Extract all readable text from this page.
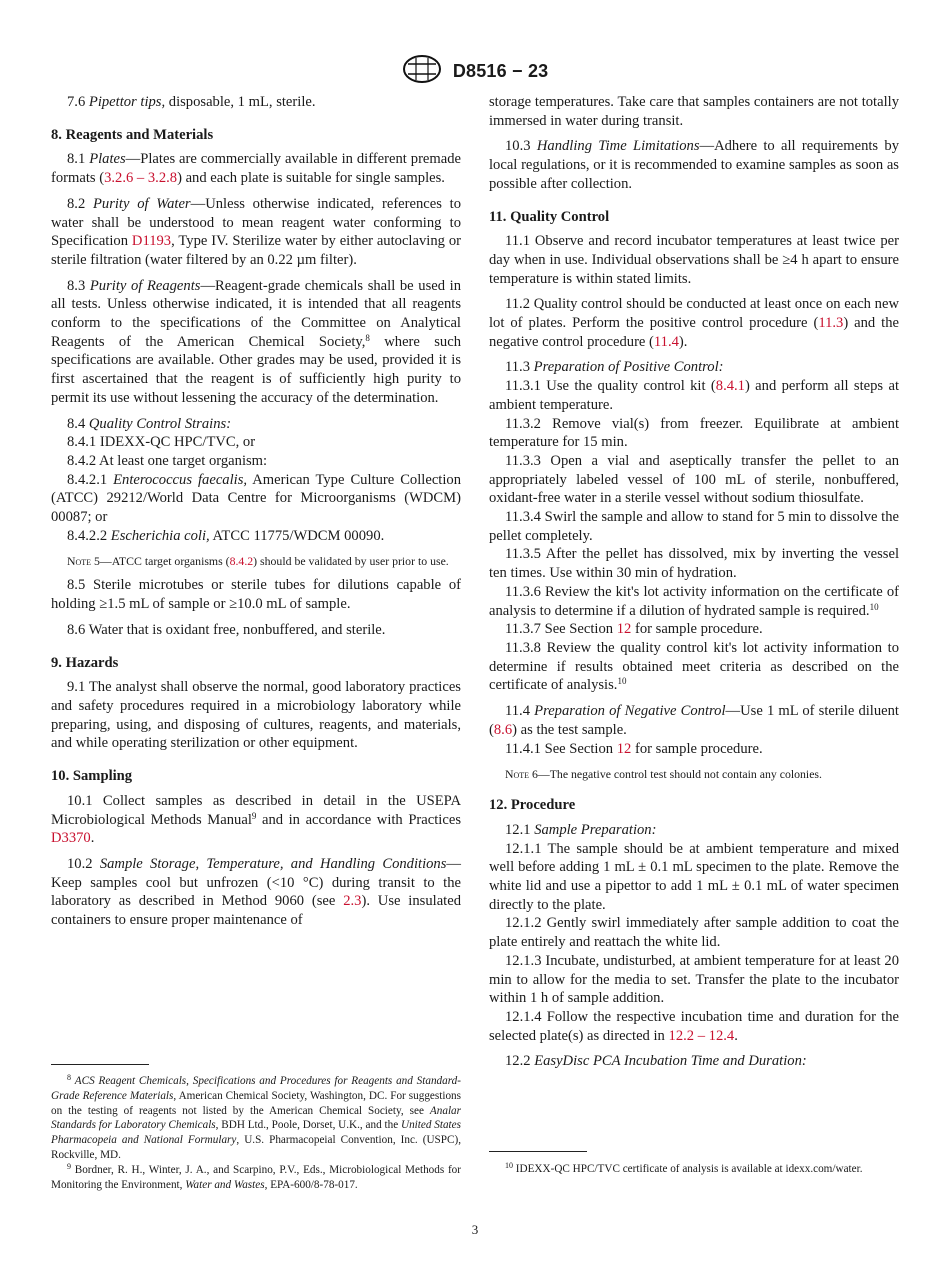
D8516 − 23

7.6 Pipettor tips, disposable, 1 mL, sterile.

8. Reagents and Materials

8.1 Plates—Plates are commercially available in different premade formats (3.2.6 – 3.2.8) and each plate is suitable for single samples.

8.2 Purity of Water—Unless otherwise indicated, references to water shall be understood to mean reagent water conforming to Specification D1193, Type IV. Sterilize water by either autoclaving or sterile filtration (water filtered by an 0.22 µm filter).

8.3 Purity of Reagents—Reagent-grade chemicals shall be used in all tests. Unless otherwise indicated, it is intended that all reagents conform to the specifications of the Committee on Analytical Reagents of the American Chemical Society,$^8$ where such specifications are available. Other grades may be used, provided it is first ascertained that the reagent is of sufficiently high purity to permit its use without lessening the accuracy of the determination.

8.4 Quality Control Strains:

8.4.1 IDEXX-QC HPC/TVC, or

8.4.2 At least one target organism:

8.4.2.1 Enterococcus faecalis, American Type Culture Collection (ATCC) 29212/World Data Centre for Microorganisms (WDCM) 00087; or

8.4.2.2 Escherichia coli, ATCC 11775/WDCM 00090.

Note 5—ATCC target organisms (8.4.2) should be validated by user prior to use.

8.5 Sterile microtubes or sterile tubes for dilutions capable of holding ≥1.5 mL of sample or ≥10.0 mL of sample.

8.6 Water that is oxidant free, nonbuffered, and sterile.

9. Hazards

9.1 The analyst shall observe the normal, good laboratory practices and safety procedures required in a microbiology laboratory while preparing, using, and disposing of cultures, reagents, and materials, and while operating sterilization or other equipment.

10. Sampling

10.1 Collect samples as described in detail in the USEPA Microbiological Methods Manual$^9$ and in accordance with Practices D3370.

10.2 Sample Storage, Temperature, and Handling Conditions—Keep samples cool but unfrozen (<10 °C) during transit to the laboratory as described in Method 9060 (see 2.3). Use insulated containers to ensure proper maintenance of

$^8$ ACS Reagent Chemicals, Specifications and Procedures for Reagents and Standard-Grade Reference Materials, American Chemical Society, Washington, DC. For suggestions on the testing of reagents not listed by the American Chemical Society, see Analar Standards for Laboratory Chemicals, BDH Ltd., Poole, Dorset, U.K., and the United States Pharmacopeia and National Formulary, U.S. Pharmacopeial Convention, Inc. (USPC), Rockville, MD.

$^9$ Bordner, R. H., Winter, J. A., and Scarpino, P.V., Eds., Microbiological Methods for Monitoring the Environment, Water and Wastes, EPA-600/8-78-017.

storage temperatures. Take care that samples containers are not totally immersed in water during transit.

10.3 Handling Time Limitations—Adhere to all requirements by local regulations, or it is recommended to examine samples as soon as possible after collection.

11. Quality Control

11.1 Observe and record incubator temperatures at least twice per day when in use. Individual observations shall be ≥4 h apart to ensure temperature is within stated limits.

11.2 Quality control should be conducted at least once on each new lot of plates. Perform the positive control procedure (11.3) and the negative control procedure (11.4).

11.3 Preparation of Positive Control:

11.3.1 Use the quality control kit (8.4.1) and perform all steps at ambient temperature.

11.3.2 Remove vial(s) from freezer. Equilibrate at ambient temperature for 15 min.

11.3.3 Open a vial and aseptically transfer the pellet to an appropriately labeled vessel of 100 mL of sterile, nonbuffered, oxidant-free water in a sterile vessel without sodium thiosulfate.

11.3.4 Swirl the sample and allow to stand for 5 min to dissolve the pellet completely.

11.3.5 After the pellet has dissolved, mix by inverting the vessel ten times. Use within 30 min of hydration.

11.3.6 Review the kit's lot activity information on the certificate of analysis to determine if a dilution of hydrated sample is required.$^{10}$

11.3.7 See Section 12 for sample procedure.

11.3.8 Review the quality control kit's lot activity information to determine if results obtained meet criteria as described on the certificate of analysis.$^{10}$

11.4 Preparation of Negative Control—Use 1 mL of sterile diluent (8.6) as the test sample.

11.4.1 See Section 12 for sample procedure.

Note 6—The negative control test should not contain any colonies.

12. Procedure

12.1 Sample Preparation:

12.1.1 The sample should be at ambient temperature and mixed well before adding 1 mL ± 0.1 mL specimen to the plate. Remove the white lid and use a pipettor to add 1 mL ± 0.1 mL of water specimen directly to the plate.

12.1.2 Gently swirl immediately after sample addition to coat the plate entirely and reattach the white lid.

12.1.3 Incubate, undisturbed, at ambient temperature for at least 20 min to allow for the media to set. Transfer the plate to the incubator within 1 h of sample addition.

12.1.4 Follow the respective incubation time and duration for the selected plate(s) as directed in 12.2 – 12.4.

12.2 EasyDisc PCA Incubation Time and Duration:

$^{10}$ IDEXX-QC HPC/TVC certificate of analysis is available at idexx.com/water.

3
